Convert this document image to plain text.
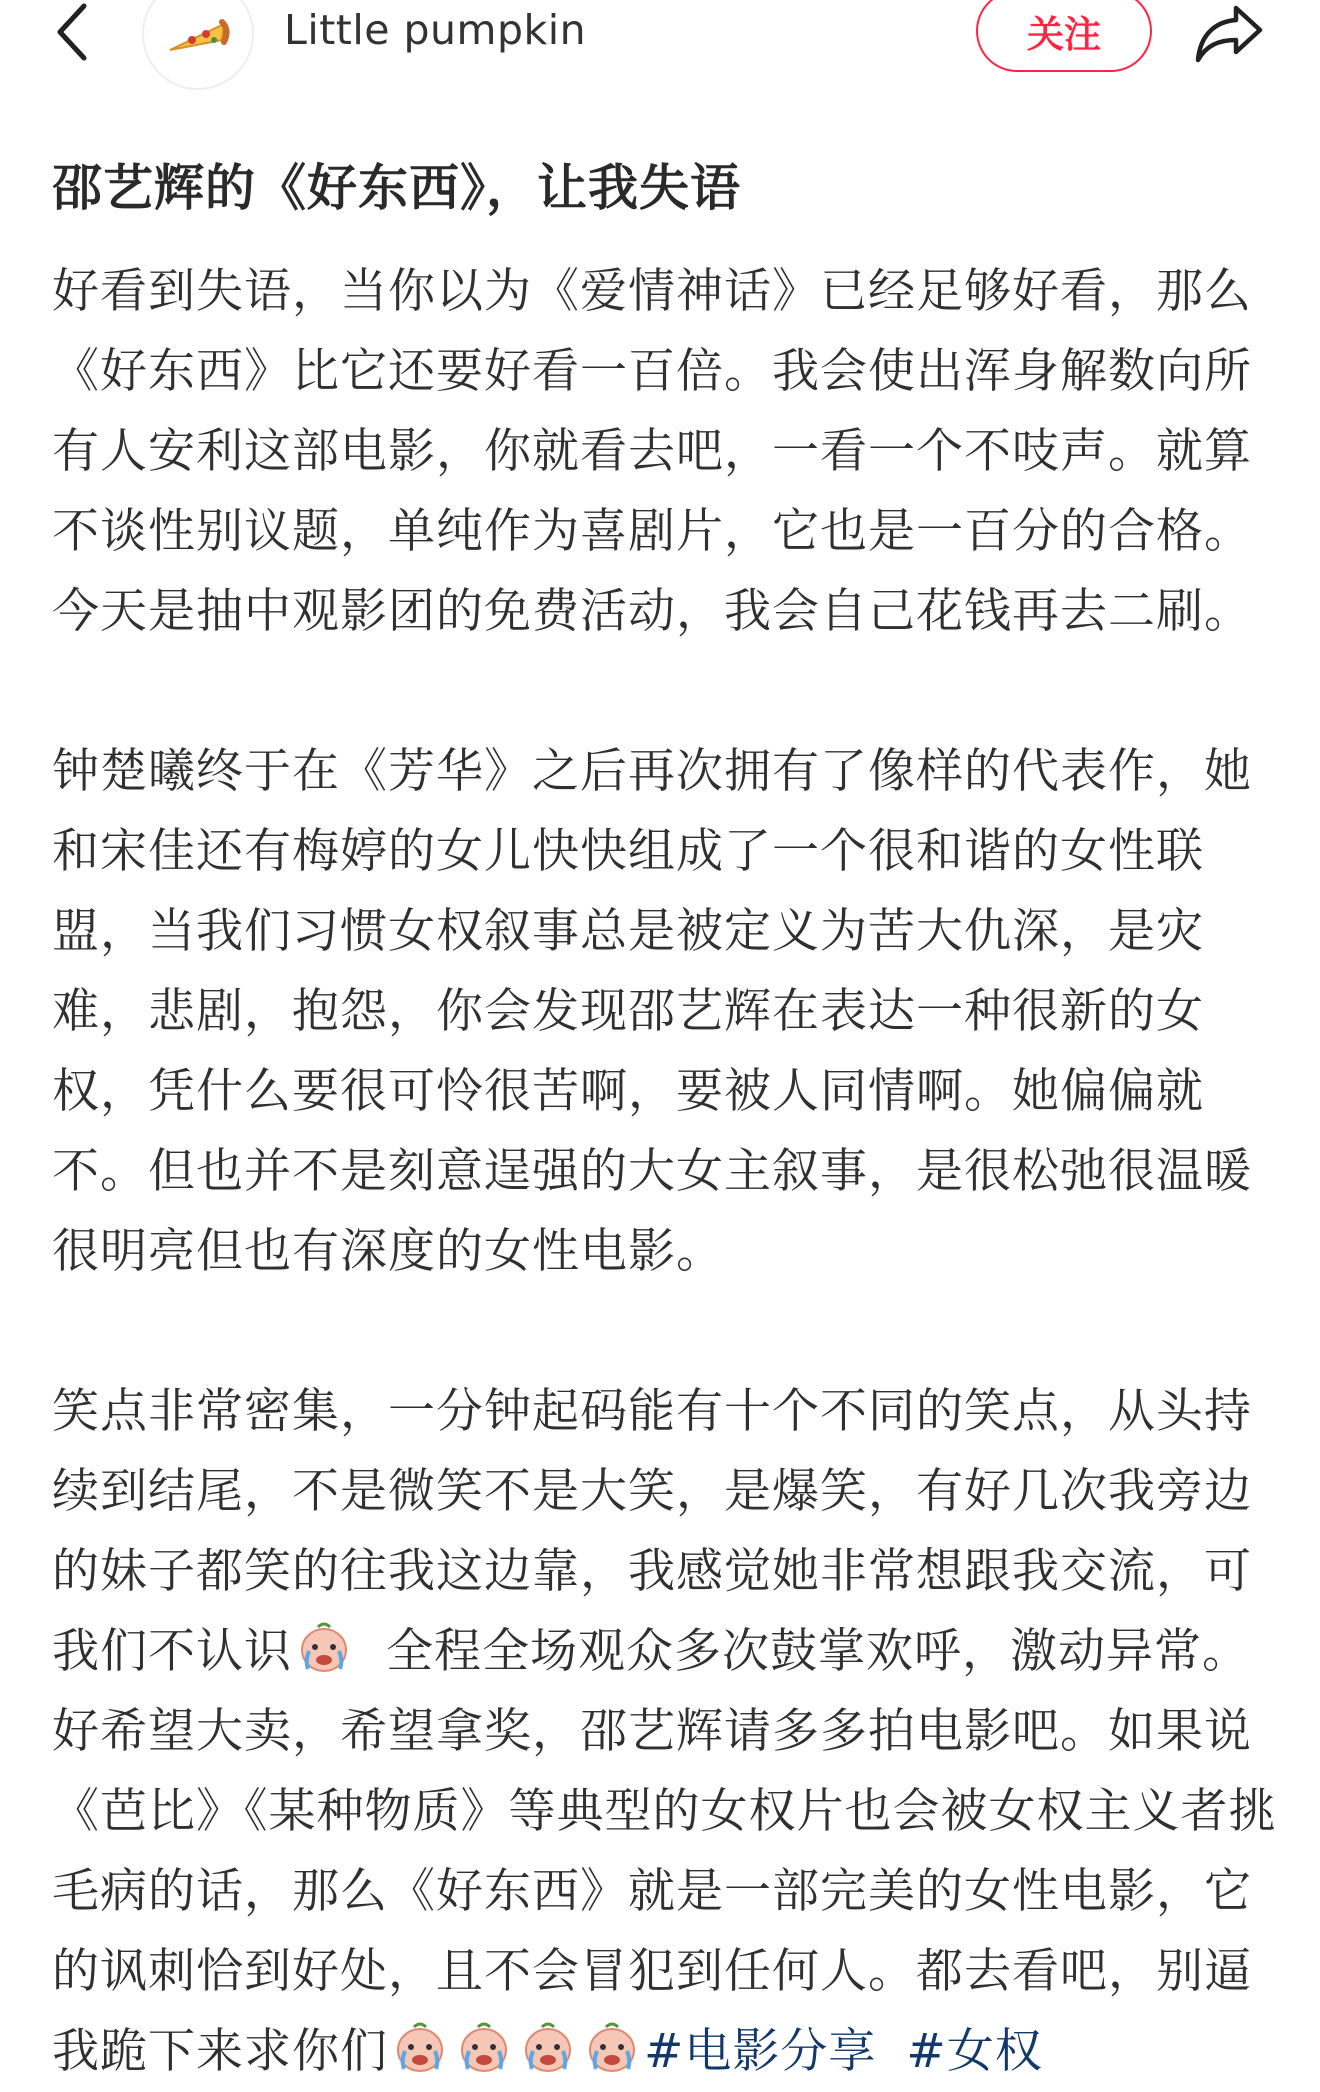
Little pumpkin	关注
邵艺辉的《好东西》，让我失语

好看到失语，当你以为《爱情神话》已经足够好看，那么《好东西》比它还要好看一百倍。我会使出浑身解数向所有人安利这部电影，你就看去吧，一看一个不吱声。就算不谈性别议题，单纯作为喜剧片，它也是一百分的合格。今天是抽中观影团的免费活动，我会自己花钱再去二刷。

钟楚曦终于在《芳华》之后再次拥有了像样的代表作，她和宋佳还有梅婷的女儿快快组成了一个很和谐的女性联盟，当我们习惯女权叙事总是被定义为苦大仇深，是灾难，悲剧，抱怨，你会发现邵艺辉在表达一种很新的女权，凭什么要很可怜很苦啊，要被人同情啊。她偏偏就不。但也并不是刻意逞强的大女主叙事，是很松弛很温暖很明亮但也有深度的女性电影。

笑点非常密集，一分钟起码能有十个不同的笑点，从头持续到结尾，不是微笑不是大笑，是爆笑，有好几次我旁边的妹子都笑的往我这边靠，我感觉她非常想跟我交流，可我们不认识 全程全场观众多次鼓掌欢呼，激动异常。好希望大卖，希望拿奖，邵艺辉请多多拍电影吧。如果说《芭比》《某种物质》等典型的女权片也会被女权主义者挑毛病的话，那么《好东西》就是一部完美的女性电影，它的讽刺恰到好处，且不会冒犯到任何人。都去看吧，别逼我跪下来求你们	#电影分享 #女权
